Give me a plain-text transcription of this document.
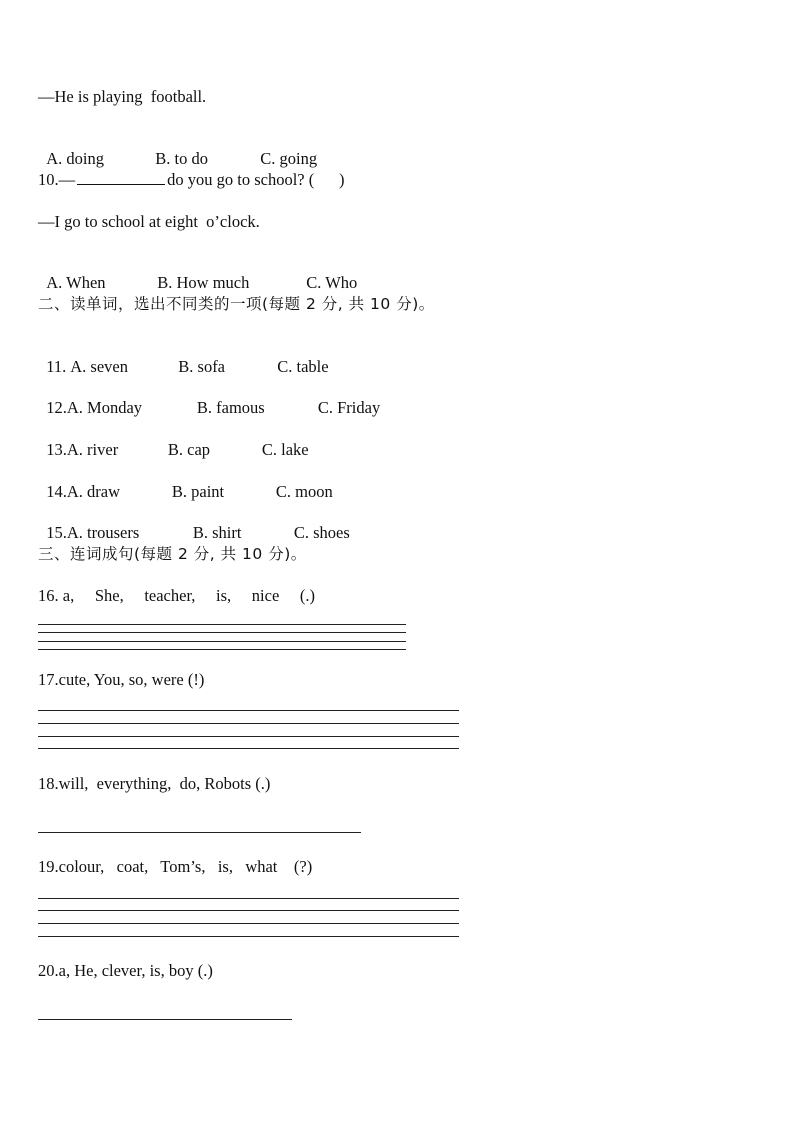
—He is playing  football.

A. doing	B. to do	C. going

10.—	do you go to school? (      )
—I go to school at eight  o’clock.

A. When	B. How much	C. Who

二、读单词，选出不同类的一项(每题 2 分, 共 10 分)。

11. A. seven	B. sofa	C. table

12.A. Monday	B. famous	C. Friday

13.A. river	B. cap	C. lake

14.A. draw	B. paint	C. moon

15.A. trousers	B. shirt	C. shoes

三、连词成句(每题 2 分, 共 10 分)。
16. a,     She,     teacher,     is,     nice     (.)
17.cute, You, so, were (!)
18.will,  everything,  do, Robots (.)
19.colour,   coat,   Tom’s,   is,   what    (?)
20.a, He, clever, is, boy (.)
